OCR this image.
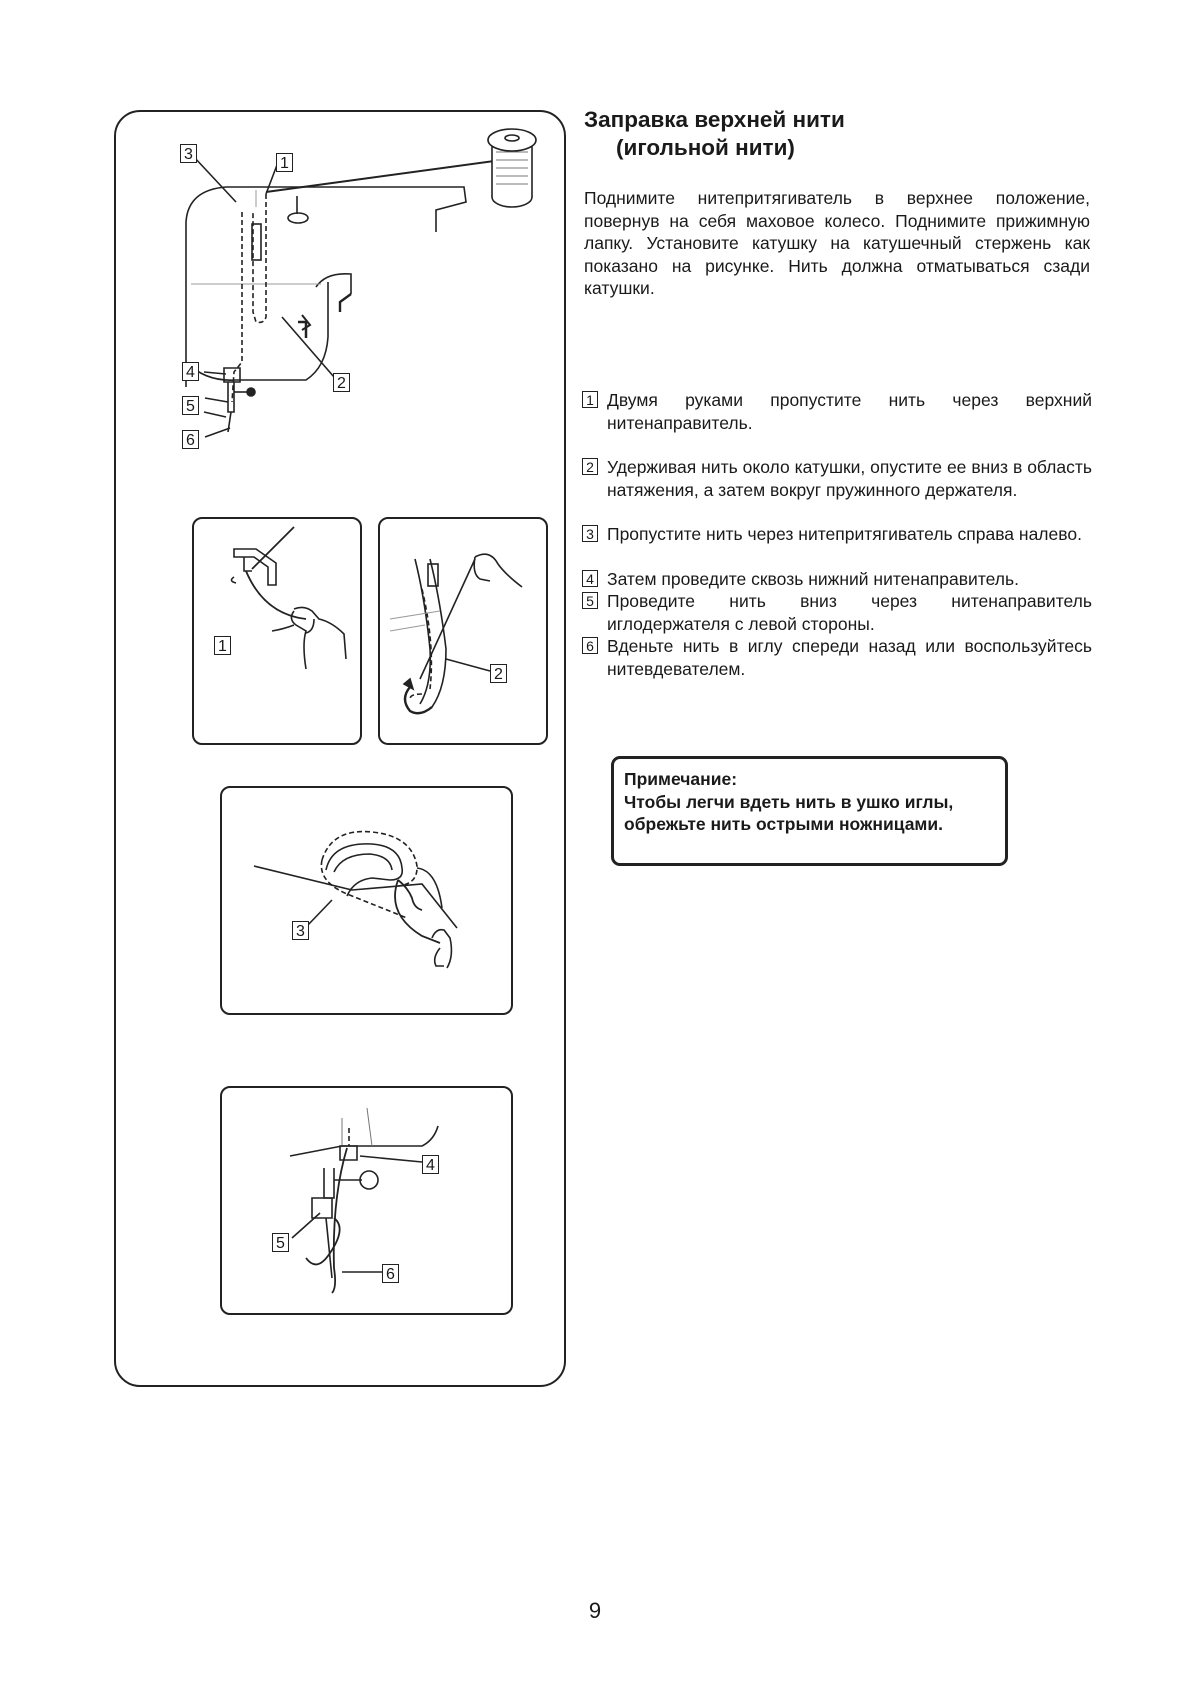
3
1
4
2
5
6
1
2
3
4
5
6
Заправка верхней нити
(игольной нити)

Поднимите нитепритягиватель в верхнее положение, повернув на себя маховое колесо. Поднимите прижимную лапку. Установите катушку на катушечный стержень как показано на рисунке. Нить должна отматываться сзади катушки.

1 Двумя руками пропустите нить через верхний нитенаправитель.
2 Удерживая нить около катушки, опустите ее вниз в область натяжения, а затем вокруг пружинного держателя.
3 Пропустите нить через нитепритягиватель справа налево.
4 Затем проведите сквозь нижний нитенаправитель.
5 Проведите нить вниз через нитенаправитель иглодержателя с левой стороны.
6 Вденьте нить в иглу спереди назад или воспользуйтесь нитевдевателем.

Примечание:

Чтобы легчи вдеть нить в ушко иглы, обрежьте нить острыми ножницами.

9
